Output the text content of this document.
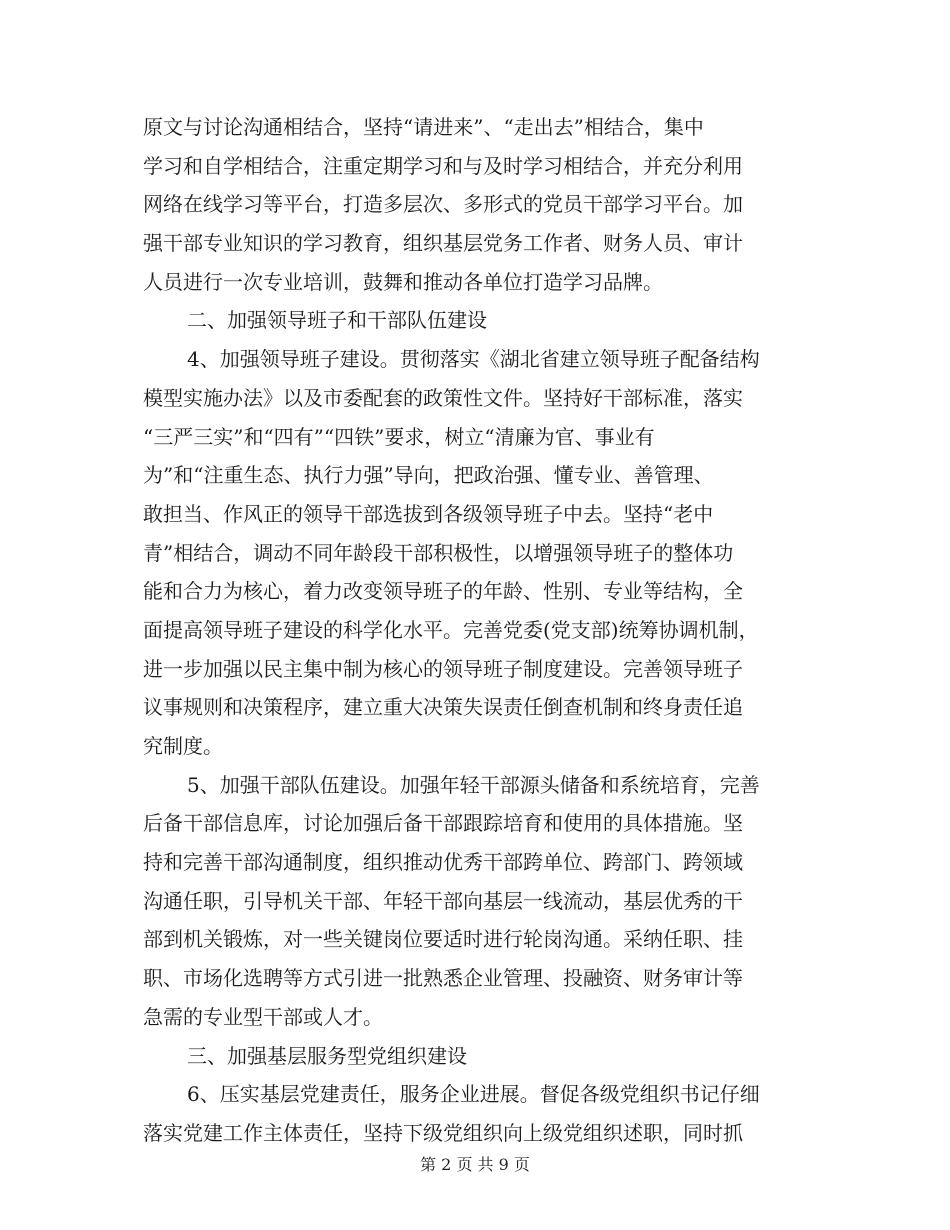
原文与讨论沟通相结合，坚持“请进来”、“走出去”相结合，集中
学习和自学相结合，注重定期学习和与及时学习相结合，并充分利用
网络在线学习等平台，打造多层次、多形式的党员干部学习平台。加
强干部专业知识的学习教育，组织基层党务工作者、财务人员、审计
人员进行一次专业培训，鼓舞和推动各单位打造学习品牌。
二、加强领导班子和干部队伍建设
4、加强领导班子建设。贯彻落实《湖北省建立领导班子配备结构
模型实施办法》以及市委配套的政策性文件。坚持好干部标准，落实
“三严三实”和“四有”“四铁”要求，树立“清廉为官、事业有
为”和“注重生态、执行力强”导向，把政治强、懂专业、善管理、
敢担当、作风正的领导干部选拔到各级领导班子中去。坚持“老中
青”相结合，调动不同年龄段干部积极性，以增强领导班子的整体功
能和合力为核心，着力改变领导班子的年龄、性别、专业等结构，全
面提高领导班子建设的科学化水平。完善党委(党支部)统筹协调机制，
进一步加强以民主集中制为核心的领导班子制度建设。完善领导班子
议事规则和决策程序，建立重大决策失误责任倒查机制和终身责任追
究制度。
5、加强干部队伍建设。加强年轻干部源头储备和系统培育，完善
后备干部信息库，讨论加强后备干部跟踪培育和使用的具体措施。坚
持和完善干部沟通制度，组织推动优秀干部跨单位、跨部门、跨领域
沟通任职，引导机关干部、年轻干部向基层一线流动，基层优秀的干
部到机关锻炼，对一些关键岗位要适时进行轮岗沟通。采纳任职、挂
职、市场化选聘等方式引进一批熟悉企业管理、投融资、财务审计等
急需的专业型干部或人才。
三、加强基层服务型党组织建设
6、压实基层党建责任，服务企业进展。督促各级党组织书记仔细
落实党建工作主体责任，坚持下级党组织向上级党组织述职，同时抓
第 2 页 共 9 页
